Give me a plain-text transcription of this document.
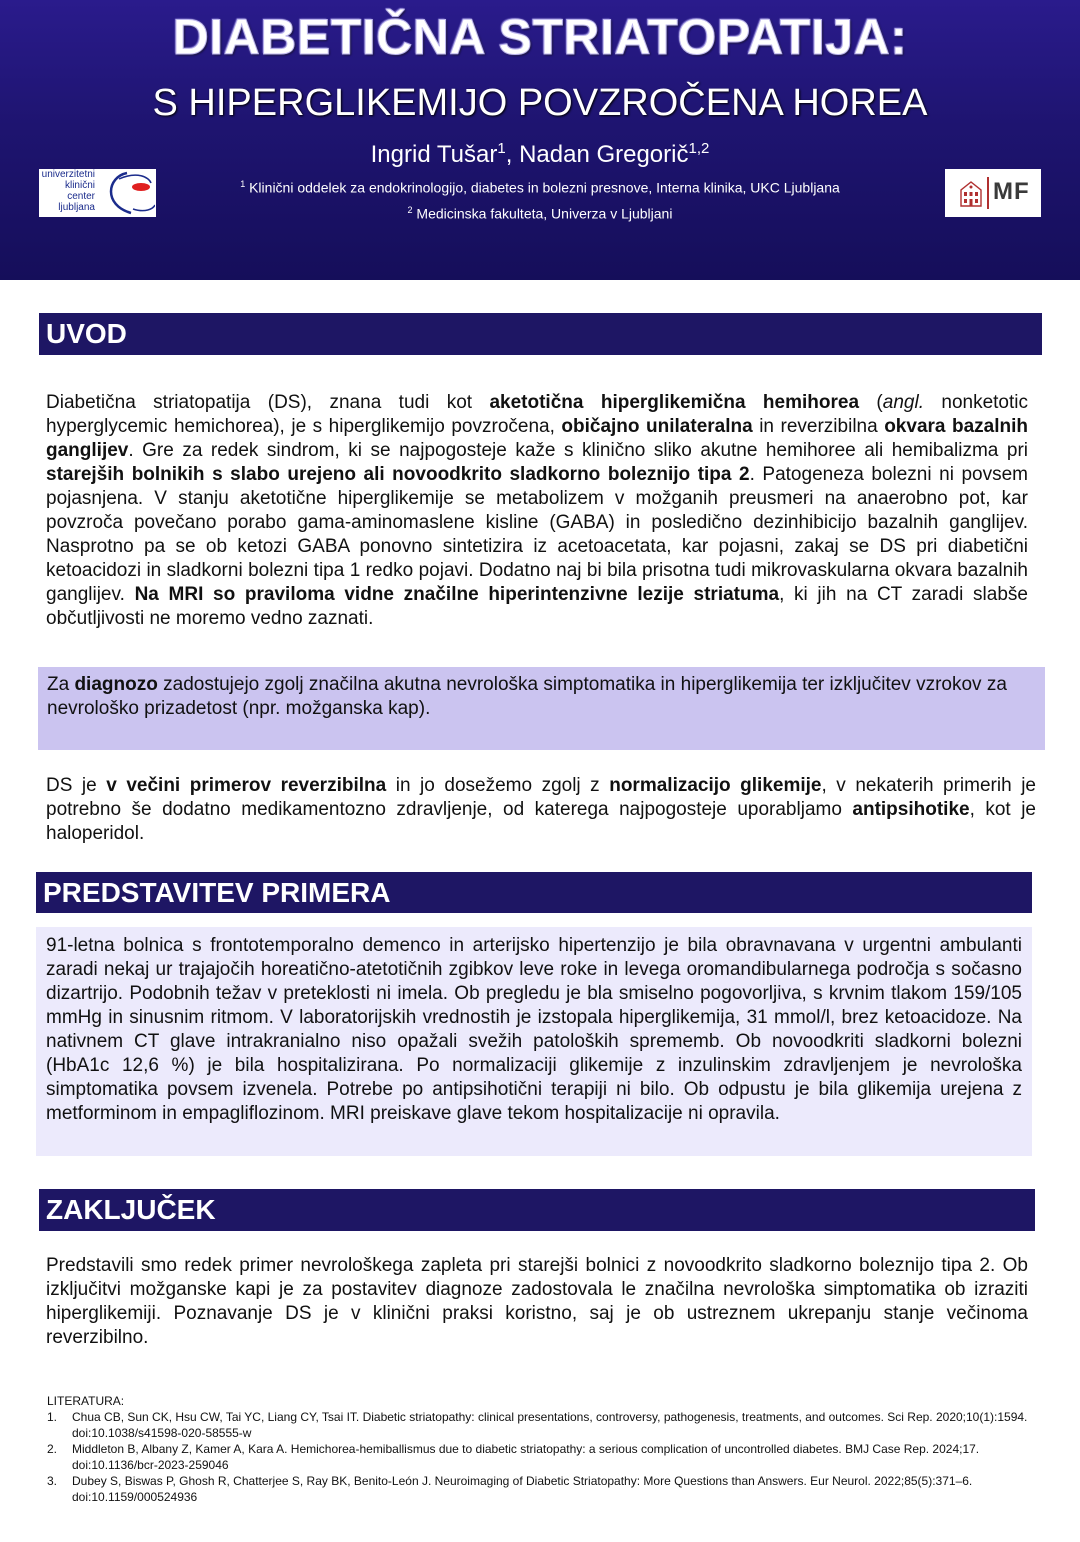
DIABETIČNA STRIATOPATIJA:
S HIPERGLIKEMIJO POVZROČENA HOREA
Ingrid Tušar$^1$, Nadan Gregorič$^{1,2}$
$^1$ Klinični oddelek za endokrinologijo, diabetes in bolezni presnove, Interna klinika, UKC Ljubljana
$^2$ Medicinska fakulteta, Univerza v Ljubljani
univerzitetni
klinični
center
ljubljana
MF
UVOD
Diabetična striatopatija (DS), znana tudi kot aketotična hiperglikemična hemihorea (angl. nonketotic hyperglycemic hemichorea), je s hiperglikemijo povzročena, običajno unilateralna in reverzibilna okvara bazalnih ganglijev. Gre za redek sindrom, ki se najpogosteje kaže s klinično sliko akutne hemihoree ali hemibalizma pri starejših bolnikih s slabo urejeno ali novoodkrito sladkorno boleznijo tipa 2. Patogeneza bolezni ni povsem pojasnjena. V stanju aketotične hiperglikemije se metabolizem v možganih preusmeri na anaerobno pot, kar povzroča povečano porabo gama-aminomaslene kisline (GABA) in posledično dezinhibicijo bazalnih ganglijev. Nasprotno pa se ob ketozi GABA ponovno sintetizira iz acetoacetata, kar pojasni, zakaj se DS pri diabetični ketoacidozi in sladkorni bolezni tipa 1 redko pojavi. Dodatno naj bi bila prisotna tudi mikrovaskularna okvara bazalnih ganglijev. Na MRI so praviloma vidne značilne hiperintenzivne lezije striatuma, ki jih na CT zaradi slabše občutljivosti ne moremo vedno zaznati.
Za diagnozo zadostujejo zgolj značilna akutna nevrološka simptomatika in hiperglikemija ter izključitev vzrokov za nevrološko prizadetost (npr. možganska kap).
DS je v večini primerov reverzibilna in jo dosežemo zgolj z normalizacijo glikemije, v nekaterih primerih je potrebno še dodatno medikamentozno zdravljenje, od katerega najpogosteje uporabljamo antipsihotike, kot je haloperidol.
PREDSTAVITEV PRIMERA
91-letna bolnica s frontotemporalno demenco in arterijsko hipertenzijo je bila obravnavana v urgentni ambulanti zaradi nekaj ur trajajočih horeatično-atetotičnih zgibkov leve roke in levega oromandibularnega področja s sočasno dizartrijo. Podobnih težav v preteklosti ni imela. Ob pregledu je bla smiselno pogovorljiva, s krvnim tlakom 159/105 mmHg in sinusnim ritmom. V laboratorijskih vrednostih je izstopala hiperglikemija, 31 mmol/l, brez ketoacidoze. Na nativnem CT glave intrakranialno niso opažali svežih patoloških sprememb. Ob novoodkriti sladkorni bolezni (HbA1c 12,6 %) je bila hospitalizirana. Po normalizaciji glikemije z inzulinskim zdravljenjem je nevrološka simptomatika povsem izvenela. Potrebe po antipsihotični terapiji ni bilo. Ob odpustu je bila glikemija urejena z metforminom in empagliflozinom. MRI preiskave glave tekom hospitalizacije ni opravila.
ZAKLJUČEK
Predstavili smo redek primer nevrološkega zapleta pri starejši bolnici z novoodkrito sladkorno boleznijo tipa 2. Ob izključitvi možganske kapi je za postavitev diagnoze zadostovala le značilna nevrološka simptomatika ob izraziti hiperglikemiji. Poznavanje DS je v klinični praksi koristno, saj je ob ustreznem ukrepanju stanje večinoma reverzibilno.
LITERATURA:
1. Chua CB, Sun CK, Hsu CW, Tai YC, Liang CY, Tsai IT. Diabetic striatopathy: clinical presentations, controversy, pathogenesis, treatments, and outcomes. Sci Rep. 2020;10(1):1594. doi:10.1038/s41598-020-58555-w
2. Middleton B, Albany Z, Kamer A, Kara A. Hemichorea-hemiballismus due to diabetic striatopathy: a serious complication of uncontrolled diabetes. BMJ Case Rep. 2024;17. doi:10.1136/bcr-2023-259046
3. Dubey S, Biswas P, Ghosh R, Chatterjee S, Ray BK, Benito-León J. Neuroimaging of Diabetic Striatopathy: More Questions than Answers. Eur Neurol. 2022;85(5):371–6. doi:10.1159/000524936
